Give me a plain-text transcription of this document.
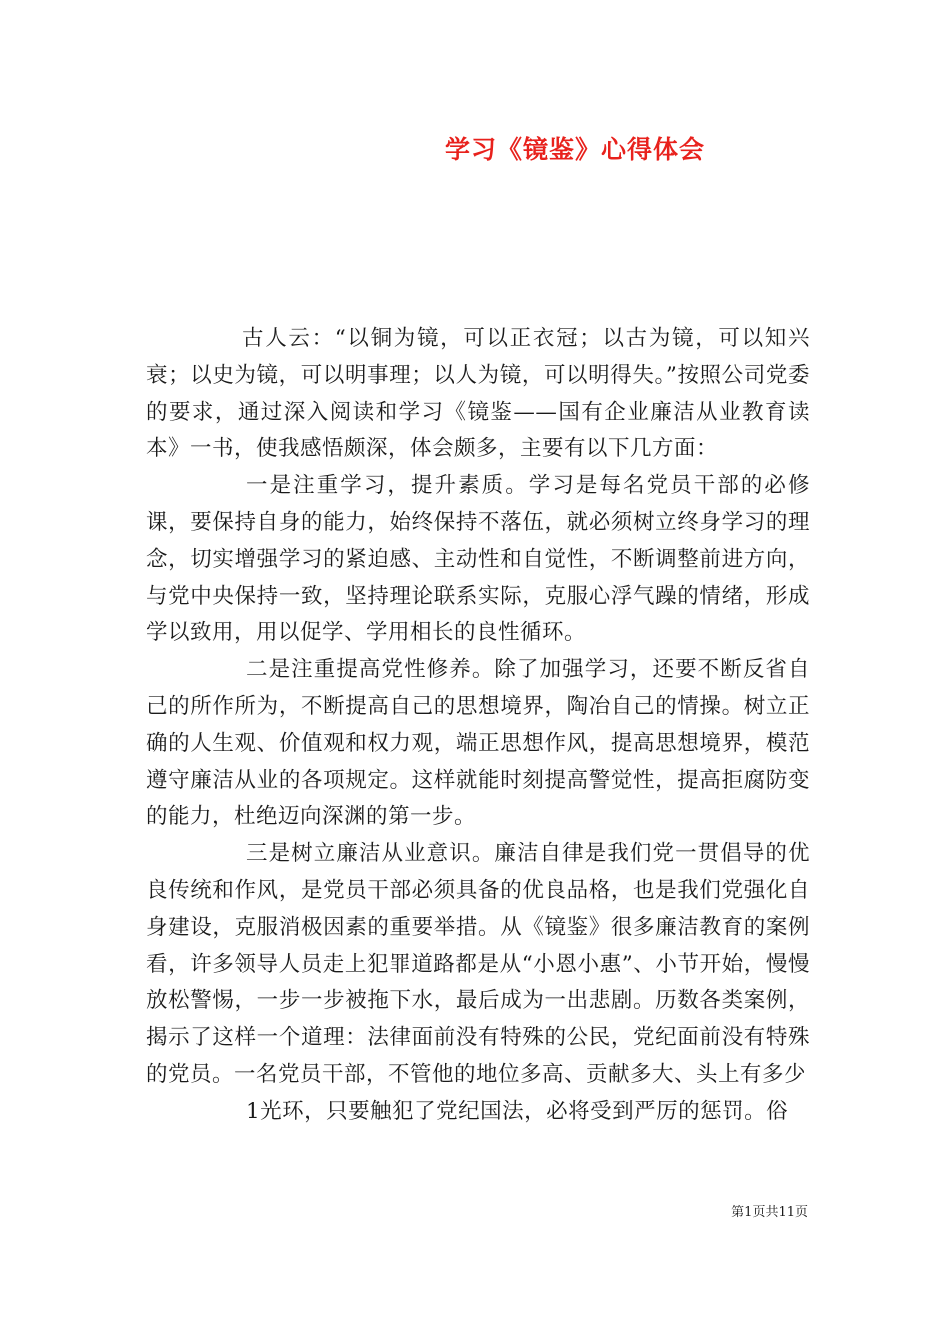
学习《镜鉴》心得体会

古人云：“以铜为镜，可以正衣冠；以古为镜，可以知兴衰；以史为镜，可以明事理；以人为镜，可以明得失。”按照公司党委的要求，通过深入阅读和学习《镜鉴——国有企业廉洁从业教育读本》一书，使我感悟颇深，体会颇多，主要有以下几方面：

一是注重学习，提升素质。学习是每名党员干部的必修课，要保持自身的能力，始终保持不落伍，就必须树立终身学习的理念，切实增强学习的紧迫感、主动性和自觉性，不断调整前进方向，与党中央保持一致，坚持理论联系实际，克服心浮气躁的情绪，形成学以致用，用以促学、学用相长的良性循环。

二是注重提高党性修养。除了加强学习，还要不断反省自己的所作所为，不断提高自己的思想境界，陶冶自己的情操。树立正确的人生观、价值观和权力观，端正思想作风，提高思想境界，模范遵守廉洁从业的各项规定。这样就能时刻提高警觉性，提高拒腐防变的能力，杜绝迈向深渊的第一步。

三是树立廉洁从业意识。廉洁自律是我们党一贯倡导的优良传统和作风，是党员干部必须具备的优良品格，也是我们党强化自身建设，克服消极因素的重要举措。从《镜鉴》很多廉洁教育的案例看，许多领导人员走上犯罪道路都是从“小恩小惠”、小节开始，慢慢放松警惕，一步一步被拖下水，最后成为一出悲剧。历数各类案例，揭示了这样一个道理：法律面前没有特殊的公民，党纪面前没有特殊的党员。一名党员干部，不管他的地位多高、贡献多大、头上有多少

1光环，只要触犯了党纪国法，必将受到严厉的惩罚。俗

第1页共11页
